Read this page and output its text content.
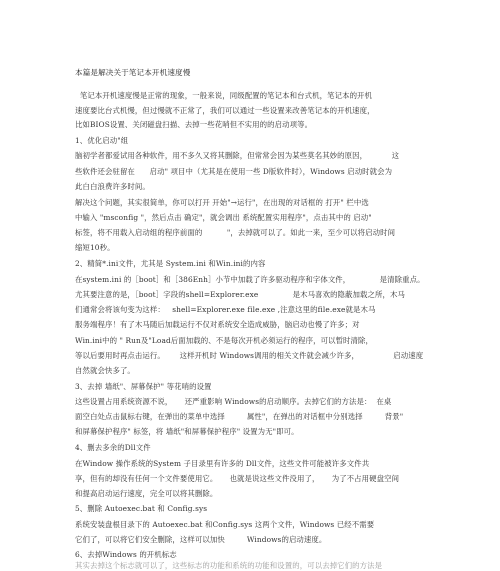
本篇是解决关于笔记本开机速度慢
笔记本开机速度慢是正常的现象，一般来说，同级配置的笔记本和台式机，笔记本的开机
速度要比台式机慢，但过慢就不正常了，我们可以通过一些设置来改善笔记本的开机速度，
比如BIOS设置、关闭磁盘扫描、去掉一些花哨但不实用的的启动项等。
1、优化启动"组
脑初学者都爱试用各种软件，用不多久又将其删除，但常常会因为某些莫名其妙的原因，          这
些软件还会驻留在      启动" 项目中（尤其是在使用一些 D版软件时），Windows 启动时就会为
此白白浪费许多时间。
解决这个问题，其实很简单，你可以打开 开始"→运行"，在出现的对话框的 打开" 栏中选
中输入 "msconfig "，然后点击 确定"，就会调出 系统配置实用程序"，点击其中的 启动"
标签，将不用载入启动组的程序前面的          "，去掉就可以了。如此一来，至少可以将启动时间
缩短10秒。
2、精简*.ini文件，尤其是 System.ini 和Win.ini的内容
在system.ini 的［boot］和［386Enh］小节中加载了许多驱动程序和字体文件，            是清除重点。
尤其要注意的是，［boot］字段的shell=Explorer.exe              是木马喜欢的隐蔽加载之所，木马
们通常会将该句变为这样：   shell=Explorer.exe file.exe ,注意这里的file.exe就是木马
服务端程序！有了木马随后加载运行不仅对系统安全造成威胁，脑启动也慢了许多；对
Win.ini中的 " Run及"Load后面加载的、不是每次开机必须运行的程序，可以暂时清除，
等以后要用时再点击运行。      这样开机时 Windows调用的相关文件就会减少许多，              启动速度
自然就会快多了。
3、去掉 墙纸"、屏幕保护" 等花哨的设置
这些设置占用系统资源不说，     还严重影响 Windows的启动顺序。去掉它们的方法是：  在桌
面空白处点击鼠标右键，在弹出的菜单中选择         属性"，在弹出的对话框中分别选择         背景"
和屏幕保护程序" 标签，将 墙纸"和屏幕保护程序" 设置为无"即可。
4、删去多余的Dll文件
在Window 操作系统的System 子目录里有许多的 Dll文件，这些文件可能被许多文件共
享，但有的却没有任何一个文件要使用它。     也就是说这些文件没用了，     为了不占用硬盘空间
和提高启动运行速度，完全可以将其删除。
5、删除 Autoexec.bat 和 Config.sys
系统安装盘根目录下的 Autoexec.bat 和Config.sys 这两个文件，Windows 已经不需要
它们了，可以将它们安全删除，这样可以加快         Windows的启动速度。
6、去掉Windows 的开机标志
其实去掉这个标志就可以了，这些标志的功能和系统的功能和设置的，可以去掉它们的方法是
